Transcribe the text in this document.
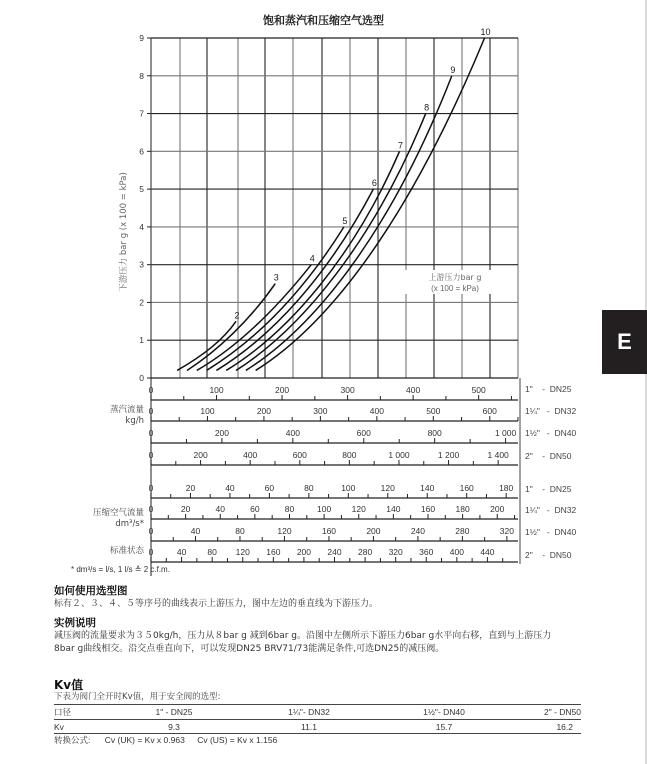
饱和蒸汽和压缩空气选型
0
1
2
3
4
5
6
7
8
9
下游压力 bar g (x 100 = kPa)	上游压力bar g
(x 100 = kPa)
2
3
4
5
6
7
8
9
10
0	100	200	300	400	500
0	100	200	300	400	500	600
0	200	400	600	800	1 000
0	200	400	600	800	1 000	1 200	1 400
0	20	40	60	80	100	120	140	160	180
0	20	40	60	80	100 120 140 160 180 200
0	40	80	120	160	200	240	280	320
0	40 80 120 160 200 240 280 320 360 400 440
E
蒸汽流量
kg/h
压缩空气流量
dm³/s*
标准状态
1"    -  DN25
1¼"   -  DN32
1½"   -  DN40
2"    -  DN50
1"    -  DN25
1¼"   -  DN32
1½"   -  DN40
2"    -  DN50
* dm³/s = l/s, 1 l/s ≙ 2 c.f.m.
如何使用选型图
标有２、３、４、５等序号的曲线表示上游压力，图中左边的垂直线为下游压力。
实例说明
减压阀的流量要求为３５0kg/h，压力从８bar g 减到6bar g。沿图中左侧所示下游压力6bar g水平向右移，直到与上游压力
8bar g曲线相交。沿交点垂直向下，可以发现DN25 BRV71/73能满足条件,可选DN25的减压阀。
Kv值
下表为阀门全开时Kv值，用于安全阀的选型:
口径	1" - DN25	1¼"- DN32	1½"- DN40	2" - DN50
Kv	9.3	11.1	15.7	16.2
转换公式: Cv (UK) = Kv x 0.963 Cv (US) = Kv x 1.156
